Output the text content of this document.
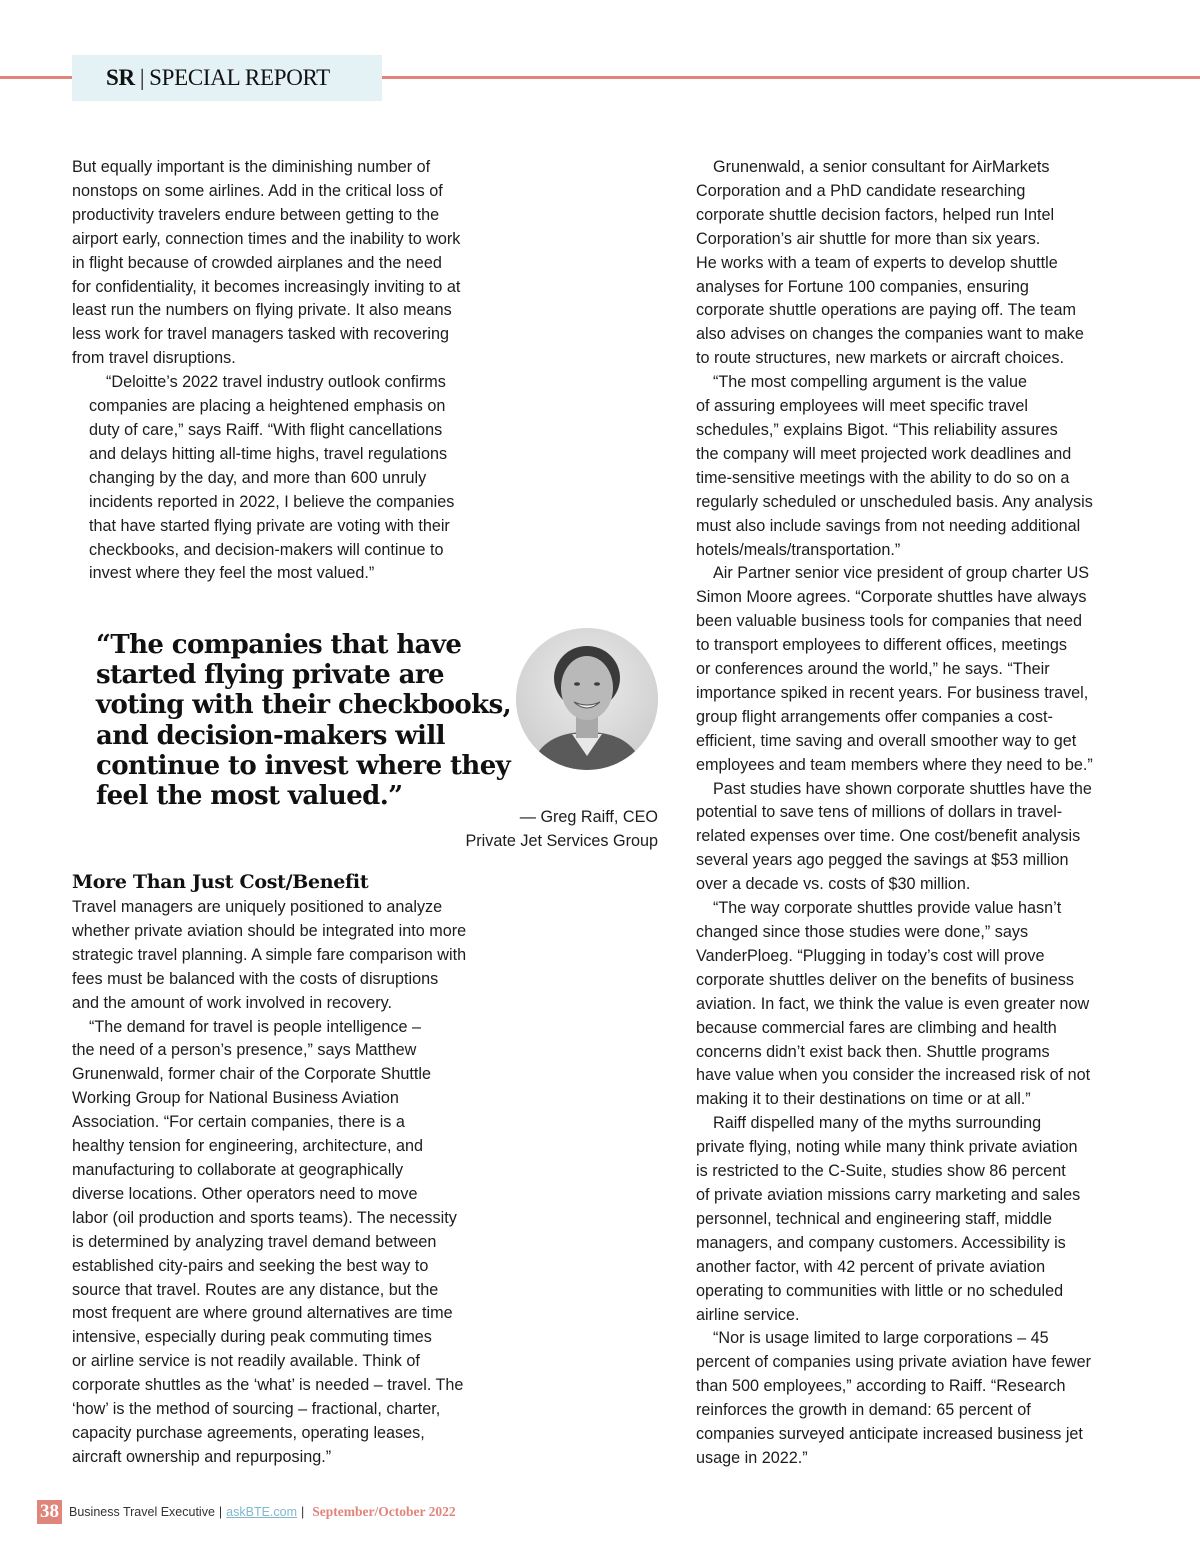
SR | SPECIAL REPORT

But equally important is the diminishing number of
nonstops on some airlines. Add in the critical loss of
productivity travelers endure between getting to the
airport early, connection times and the inability to work
in flight because of crowded airplanes and the need
for confidentiality, it becomes increasingly inviting to at
least run the numbers on flying private. It also means
less work for travel managers tasked with recovering
from travel disruptions.

“Deloitte’s 2022 travel industry outlook confirms
companies are placing a heightened emphasis on
duty of care,” says Raiff. “With flight cancellations
and delays hitting all-time highs, travel regulations
changing by the day, and more than 600 unruly
incidents reported in 2022, I believe the companies
that have started flying private are voting with their
checkbooks, and decision-makers will continue to
invest where they feel the most valued.”

“The companies that have
started flying private are
voting with their checkbooks,
and decision-makers will
continue to invest where they
feel the most valued.”
— Greg Raiff, CEO
Private Jet Services Group
More Than Just Cost/Benefit

Travel managers are uniquely positioned to analyze
whether private aviation should be integrated into more
strategic travel planning. A simple fare comparison with
fees must be balanced with the costs of disruptions
and the amount of work involved in recovery.

“The demand for travel is people intelligence –
the need of a person’s presence,” says Matthew
Grunenwald, former chair of the Corporate Shuttle
Working Group for National Business Aviation
Association. “For certain companies, there is a
healthy tension for engineering, architecture, and
manufacturing to collaborate at geographically
diverse locations. Other operators need to move
labor (oil production and sports teams). The necessity
is determined by analyzing travel demand between
established city-pairs and seeking the best way to
source that travel. Routes are any distance, but the
most frequent are where ground alternatives are time
intensive, especially during peak commuting times
or airline service is not readily available. Think of
corporate shuttles as the ‘what’ is needed – travel. The
‘how’ is the method of sourcing – fractional, charter,
capacity purchase agreements, operating leases,
aircraft ownership and repurposing.”

Grunenwald, a senior consultant for AirMarkets
Corporation and a PhD candidate researching
corporate shuttle decision factors, helped run Intel
Corporation’s air shuttle for more than six years.
He works with a team of experts to develop shuttle
analyses for Fortune 100 companies, ensuring
corporate shuttle operations are paying off. The team
also advises on changes the companies want to make
to route structures, new markets or aircraft choices.

“The most compelling argument is the value
of assuring employees will meet specific travel
schedules,” explains Bigot. “This reliability assures
the company will meet projected work deadlines and
time-sensitive meetings with the ability to do so on a
regularly scheduled or unscheduled basis. Any analysis
must also include savings from not needing additional
hotels/meals/transportation.”

Air Partner senior vice president of group charter US
Simon Moore agrees. “Corporate shuttles have always
been valuable business tools for companies that need
to transport employees to different offices, meetings
or conferences around the world,” he says. “Their
importance spiked in recent years. For business travel,
group flight arrangements offer companies a cost-
efficient, time saving and overall smoother way to get
employees and team members where they need to be.”

Past studies have shown corporate shuttles have the
potential to save tens of millions of dollars in travel-
related expenses over time. One cost/benefit analysis
several years ago pegged the savings at $53 million
over a decade vs. costs of $30 million.

“The way corporate shuttles provide value hasn’t
changed since those studies were done,” says
VanderPloeg. “Plugging in today’s cost will prove
corporate shuttles deliver on the benefits of business
aviation. In fact, we think the value is even greater now
because commercial fares are climbing and health
concerns didn’t exist back then. Shuttle programs
have value when you consider the increased risk of not
making it to their destinations on time or at all.”

Raiff dispelled many of the myths surrounding
private flying, noting while many think private aviation
is restricted to the C-Suite, studies show 86 percent
of private aviation missions carry marketing and sales
personnel, technical and engineering staff, middle
managers, and company customers. Accessibility is
another factor, with 42 percent of private aviation
operating to communities with little or no scheduled
airline service.

“Nor is usage limited to large corporations – 45
percent of companies using private aviation have fewer
than 500 employees,” according to Raiff. “Research
reinforces the growth in demand: 65 percent of
companies surveyed anticipate increased business jet
usage in 2022.”

38 Business Travel Executive | askBTE.com | September/October 2022
